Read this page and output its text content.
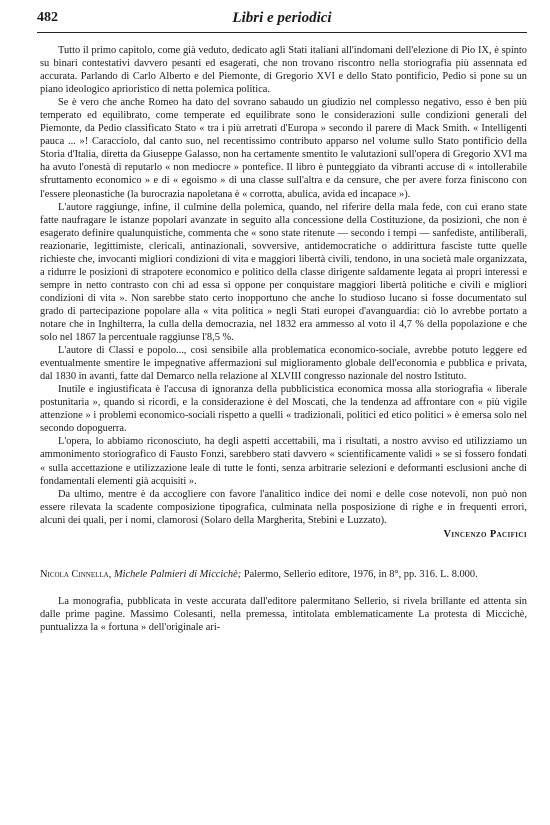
482	Libri e periodici

Tutto il primo capitolo, come già veduto, dedicato agli Stati italiani all'indomani dell'elezione di Pio IX, è spinto su binari contestativi davvero pesanti ed esagerati, che non trovano riscontro nella storiografia più assennata ed accurata. Parlando di Carlo Alberto e del Piemonte, di Gregorio XVI e dello Stato pontificio, Pedio si pone su un piano ideologico aprioristico di netta polemica politica.

Se è vero che anche Romeo ha dato del sovrano sabaudo un giudizio nel complesso negativo, esso è ben più temperato ed equilibrato, come temperate ed equilibrate sono le considerazioni sulle condizioni generali del Piemonte, da Pedio classificato Stato « tra i più arretrati d'Europa » secondo il parere di Mack Smith. « Intelligenti pauca ... »! Caracciolo, dal canto suo, nel recentissimo contributo apparso nel volume sullo Stato pontificio della Storia d'Italia, diretta da Giuseppe Galasso, non ha certamente smentito le valutazioni sull'opera di Gregorio XVI ma ha avuto l'onestà di reputarlo « non mediocre » pontefice. Il libro è punteggiato da vibranti accuse di « intollerabile sfruttamento economico » e di « egoismo » di una classe sull'altra e da censure, che per avere forza finiscono con l'essere pleonastiche (la burocrazia napoletana è « corrotta, abulica, avida ed incapace »).

L'autore raggiunge, infine, il culmine della polemica, quando, nel riferire della mala fede, con cui erano state fatte naufragare le istanze popolari avanzate in seguito alla concessione della Costituzione, da posizioni, che non è esagerato definire qualunquistiche, commenta che « sono state ritenute — secondo i tempi — sanfediste, antiliberali, reazionarie, legittimiste, clericali, antinazionali, sovversive, antidemocratiche o addirittura fasciste tutte quelle richieste che, invocanti migliori condizioni di vita e maggiori libertà civili, tendono, in una società male organizzata, a ridurre le posizioni di strapotere economico e politico della classe dirigente saldamente legata ai propri interessi e sempre in netto contrasto con chi ad essa si oppone per conquistare maggiori libertà politiche e civili e migliori condizioni di vita ». Non sarebbe stato certo inopportuno che anche lo studioso lucano si fosse documentato sul grado di partecipazione popolare alla « vita politica » negli Stati europei d'avanguardia: ciò lo avrebbe portato a notare che in Inghilterra, la culla della democrazia, nel 1832 era ammesso al voto il 4,7 % della popolazione e che solo nel 1867 la percentuale raggiunse l'8,5 %.

L'autore di Classi e popolo..., così sensibile alla problematica economico-sociale, avrebbe potuto leggere ed eventualmente smentire le impegnative affermazioni sul miglioramento globale dell'economia e pubblica e privata, dal 1830 in avanti, fatte dal Demarco nella relazione al XLVIII congresso nazionale del nostro Istituto.

Inutile e ingiustificata è l'accusa di ignoranza della pubblicistica economica mossa alla storiografia « liberale postunitaria », quando si ricordi, e la considerazione è del Moscati, che la tendenza ad affrontare con « più vigile attenzione » i problemi economico-sociali rispetto a quelli « tradizionali, politici ed etico politici » è emersa solo nel secondo dopoguerra.

L'opera, lo abbiamo riconosciuto, ha degli aspetti accettabili, ma i risultati, a nostro avviso ed utilizziamo un ammonimento storiografico di Fausto Fonzi, sarebbero stati davvero « scientificamente validi » se si fossero fondati « sulla accettazione e utilizzazione leale di tutte le fonti, senza arbitrarie selezioni e deformanti esclusioni anche di fondamentali elementi già acquisiti ».

Da ultimo, mentre è da accogliere con favore l'analitico indice dei nomi e delle cose notevoli, non può non essere rilevata la scadente composizione tipografica, culminata nella posposizione di righe e in frequenti errori, alcuni dei quali, per i nomi, clamorosi (Solaro della Margherita, Stebini e Luzzato).

Vincenzo Pacifici

Nicola Cinnella, Michele Palmieri di Miccichè; Palermo, Sellerio editore, 1976, in 8°, pp. 316. L. 8.000.

La monografia, pubblicata in veste accurata dall'editore palermitano Sellerio, si rivela brillante ed attenta sin dalle prime pagine. Massimo Colesanti, nella premessa, intitolata emblematicamente La protesta di Miccichè, puntualizza la « fortuna » dell'originale ari-
